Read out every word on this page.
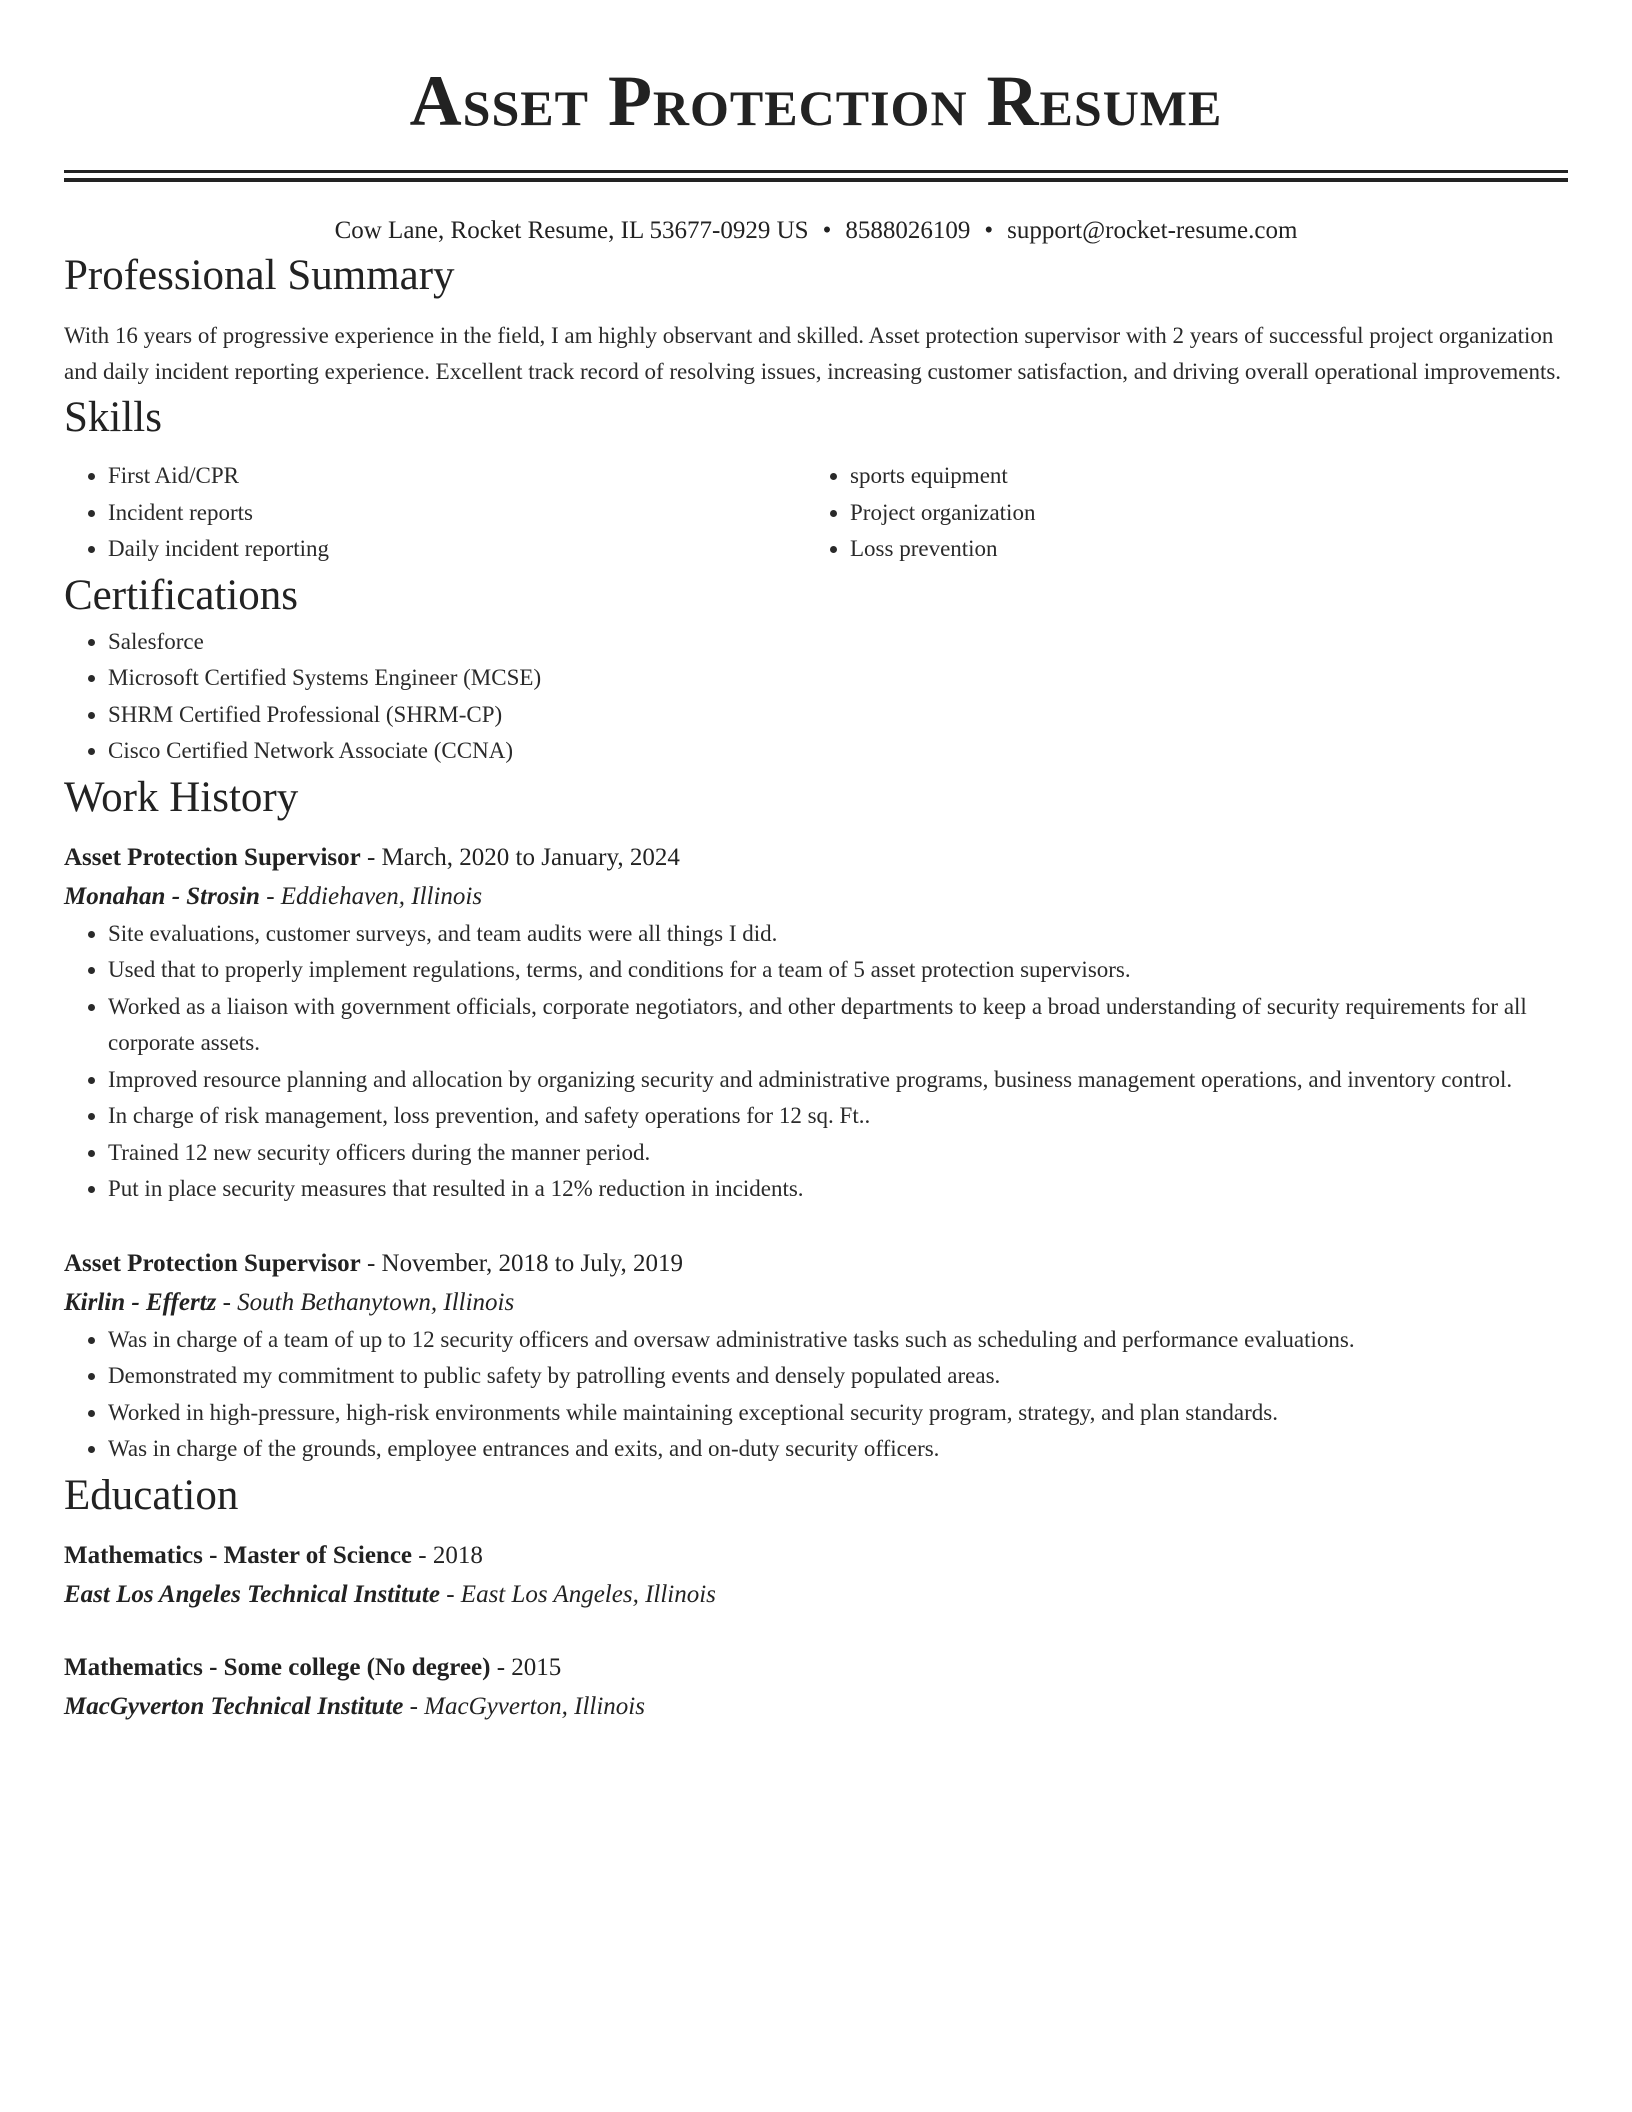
Asset Protection Resume
Cow Lane, Rocket Resume, IL 53677-0929 US • 8588026109 • support@rocket-resume.com
Professional Summary

With 16 years of progressive experience in the field, I am highly observant and skilled. Asset protection supervisor with 2 years of successful project organization and daily incident reporting experience. Excellent track record of resolving issues, increasing customer satisfaction, and driving overall operational improvements.

Skills
• First Aid/CPR
• Incident reports
• Daily incident reporting
• sports equipment
• Project organization
• Loss prevention
Certifications
• Salesforce
• Microsoft Certified Systems Engineer (MCSE)
• SHRM Certified Professional (SHRM-CP)
• Cisco Certified Network Associate (CCNA)
Work History
Asset Protection Supervisor - March, 2020 to January, 2024
Monahan - Strosin - Eddiehaven, Illinois
• Site evaluations, customer surveys, and team audits were all things I did.
• Used that to properly implement regulations, terms, and conditions for a team of 5 asset protection supervisors.
• Worked as a liaison with government officials, corporate negotiators, and other departments to keep a broad understanding of security requirements for all corporate assets.
• Improved resource planning and allocation by organizing security and administrative programs, business management operations, and inventory control.
• In charge of risk management, loss prevention, and safety operations for 12 sq. Ft..
• Trained 12 new security officers during the manner period.
• Put in place security measures that resulted in a 12% reduction in incidents.
Asset Protection Supervisor - November, 2018 to July, 2019
Kirlin - Effertz - South Bethanytown, Illinois
• Was in charge of a team of up to 12 security officers and oversaw administrative tasks such as scheduling and performance evaluations.
• Demonstrated my commitment to public safety by patrolling events and densely populated areas.
• Worked in high-pressure, high-risk environments while maintaining exceptional security program, strategy, and plan standards.
• Was in charge of the grounds, employee entrances and exits, and on-duty security officers.
Education
Mathematics - Master of Science - 2018
East Los Angeles Technical Institute - East Los Angeles, Illinois
Mathematics - Some college (No degree) - 2015
MacGyverton Technical Institute - MacGyverton, Illinois
